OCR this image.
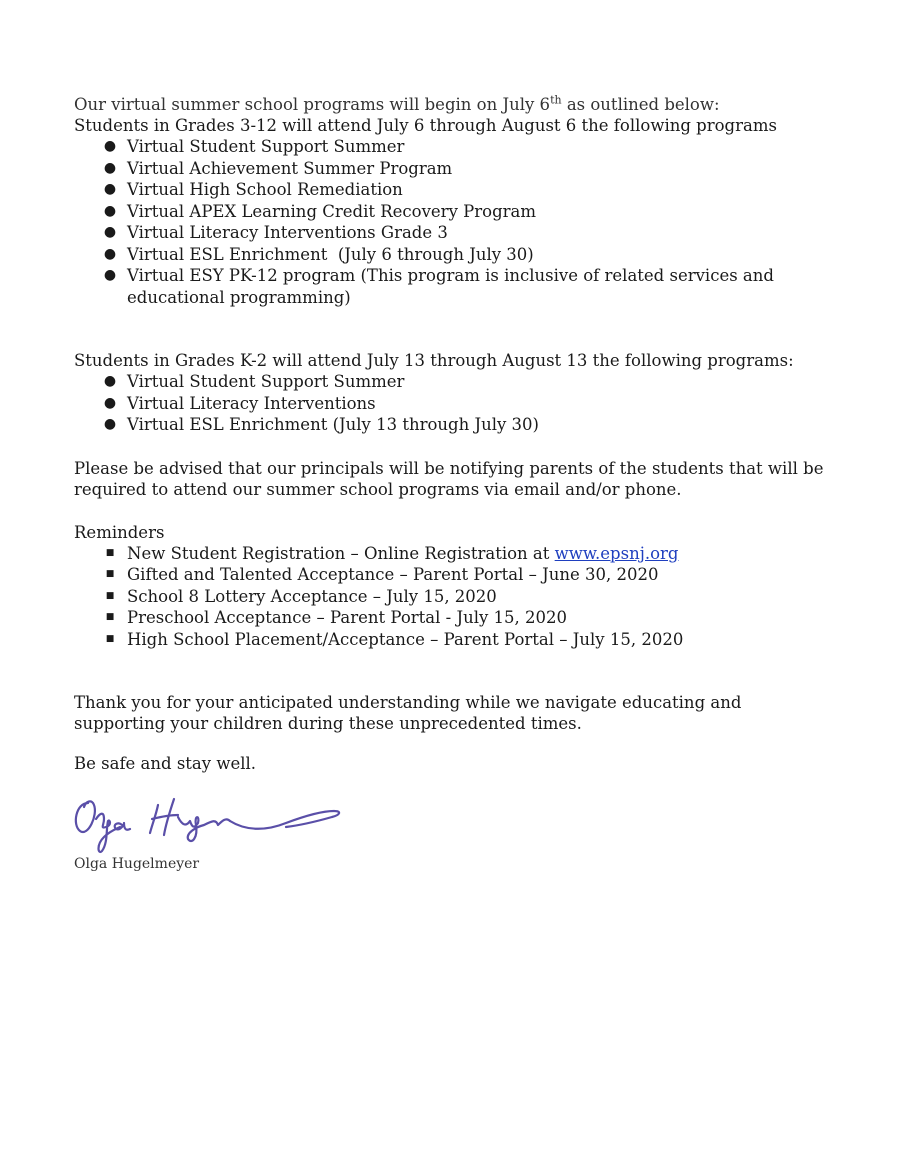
Our virtual summer school programs will begin on July 6th as outlined below:
Students in Grades 3-12 will attend July 6 through August 6 the following programs
● Virtual Student Support Summer
● Virtual Achievement Summer Program
● Virtual High School Remediation
● Virtual APEX Learning Credit Recovery Program
● Virtual Literacy Interventions Grade 3
● Virtual ESL Enrichment  (July 6 through July 30)
● Virtual ESY PK-12 program (This program is inclusive of related services and educational programming)
Students in Grades K-2 will attend July 13 through August 13 the following programs:
● Virtual Student Support Summer
● Virtual Literacy Interventions
● Virtual ESL Enrichment (July 13 through July 30)

Please be advised that our principals will be notifying parents of the students that will be required to attend our summer school programs via email and/or phone.

Reminders
■ New Student Registration – Online Registration at www.epsnj.org
■ Gifted and Talented Acceptance – Parent Portal – June 30, 2020
■ School 8 Lottery Acceptance – July 15, 2020
■ Preschool Acceptance – Parent Portal - July 15, 2020
■ High School Placement/Acceptance – Parent Portal – July 15, 2020

Thank you for your anticipated understanding while we navigate educating and supporting your children during these unprecedented times.

Be safe and stay well.

Olga Hugelmeyer
